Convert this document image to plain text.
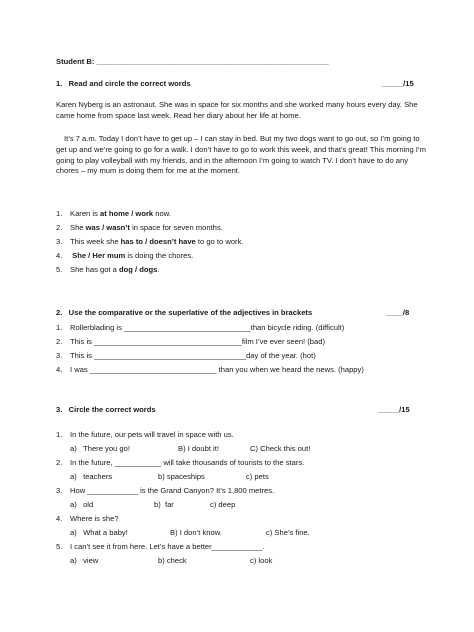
Student B: _______________________________________________________
1.   Read and circle the correct words	_____/15

Karen Nyberg is an astronaut. She was in space for six months and she worked many hours every day. She came home from space last week. Read her diary about her life at home.

It’s 7 a.m. Today I don’t have to get up – I can stay in bed. But my two dogs want to go out, so I’m going to get up and we’re going to go for a walk. I don’t have to go to work this week, and that’s great! This morning I’m going to play volleyball with my friends, and in the afternoon I’m going to watch TV. I don’t have to do any chores – my mum is doing them for me at the moment.

1. Karen is at home / work now.
2. She was / wasn’t in space for seven months.
3. This week she has to / doesn’t have to go to work.
4. She / Her mum is doing the chores.
5. She has got a dog / dogs.
2.   Use the comparative or the superlative of the adjectives in brackets	____/8
1. Rollerblading is ______________________________than bicycle riding. (difficult)
2. This is ___________________________________film I’ve ever seen! (bad)
3. This is ____________________________________day of the year. (hot)
4. I was ______________________________ than you when we heard the news. (happy)
3.   Circle the correct words	_____/15
1. In the future, our pets will travel in space with us.
a)   There you go!	B) I doubt it!	C) Check this out!
2. In the future, ___________ will take thousands of tourists to the stars.
a)   teachers	b) spaceships	c) pets
3. How ____________ is the Grand Canyon? It’s 1,800 metres.
a)   old	b)  far	c) deep
4. Where is she?
a)   What a baby!	B) I don’t know.	c) She’s fine.
5. I can’t see it from here. Let’s have a better____________.
a)   view	b) check	c) look
